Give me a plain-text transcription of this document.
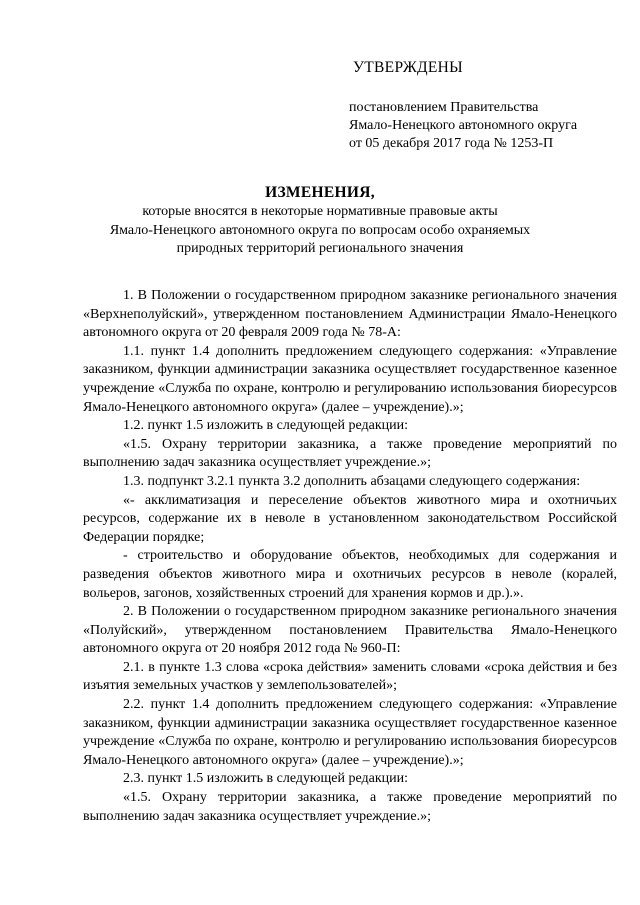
УТВЕРЖДЕНЫ
постановлением Правительства
Ямало-Ненецкого автономного округа
от 05 декабря 2017 года № 1253-П
ИЗМЕНЕНИЯ,
которые вносятся в некоторые нормативные правовые акты
Ямало-Ненецкого автономного округа по вопросам особо охраняемых
природных территорий регионального значения

1. В Положении о государственном природном заказнике регионального значения «Верхнеполуйский», утвержденном постановлением Администрации Ямало-Ненецкого автономного округа от 20 февраля 2009 года № 78-А:

1.1. пункт 1.4 дополнить предложением следующего содержания: «Управление заказником, функции администрации заказника осуществляет государственное казенное учреждение «Служба по охране, контролю и регулированию использования биоресурсов Ямало-Ненецкого автономного округа» (далее – учреждение).»;

1.2. пункт 1.5 изложить в следующей редакции:

«1.5. Охрану территории заказника, а также проведение мероприятий по выполнению задач заказника осуществляет учреждение.»;

1.3. подпункт 3.2.1 пункта 3.2 дополнить абзацами следующего содержания:

«- акклиматизация и переселение объектов животного мира и охотничьих ресурсов, содержание их в неволе в установленном законодательством Российской Федерации порядке;

- строительство и оборудование объектов, необходимых для содержания и разведения объектов животного мира и охотничьих ресурсов в неволе (коралей, вольеров, загонов, хозяйственных строений для хранения кормов и др.).».

2. В Положении о государственном природном заказнике регионального значения «Полуйский», утвержденном постановлением Правительства Ямало-Ненецкого автономного округа от 20 ноября 2012 года № 960-П:

2.1. в пункте 1.3 слова «срока действия» заменить словами «срока действия и без изъятия земельных участков у землепользователей»;

2.2. пункт 1.4 дополнить предложением следующего содержания: «Управление заказником, функции администрации заказника осуществляет государственное казенное учреждение «Служба по охране, контролю и регулированию использования биоресурсов Ямало-Ненецкого автономного округа» (далее – учреждение).»;

2.3. пункт 1.5 изложить в следующей редакции:

«1.5. Охрану территории заказника, а также проведение мероприятий по выполнению задач заказника осуществляет учреждение.»;
